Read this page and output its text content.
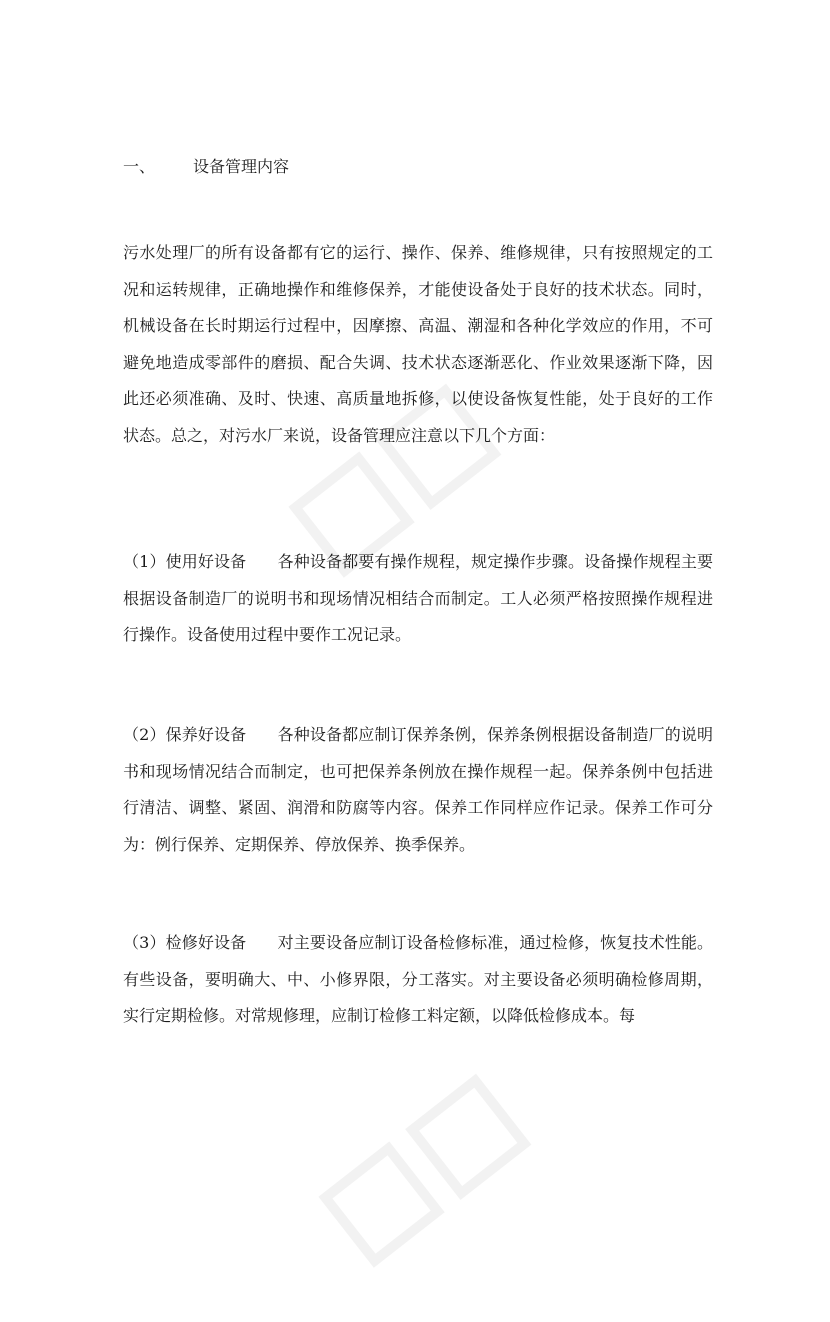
一、 设备管理内容
污水处理厂的所有设备都有它的运行、操作、保养、维修规律，只有按照规定的工况和运转规律，正确地操作和维修保养，才能使设备处于良好的技术状态。同时，机械设备在长时期运行过程中，因摩擦、高温、潮湿和各种化学效应的作用，不可避免地造成零部件的磨损、配合失调、技术状态逐渐恶化、作业效果逐渐下降，因此还必须准确、及时、快速、高质量地拆修，以使设备恢复性能，处于良好的工作状态。总之，对污水厂来说，设备管理应注意以下几个方面：
（1）使用好设备 各种设备都要有操作规程，规定操作步骤。设备操作规程主要根据设备制造厂的说明书和现场情况相结合而制定。工人必须严格按照操作规程进行操作。设备使用过程中要作工况记录。
（2）保养好设备 各种设备都应制订保养条例，保养条例根据设备制造厂的说明书和现场情况结合而制定，也可把保养条例放在操作规程一起。保养条例中包括进行清洁、调整、紧固、润滑和防腐等内容。保养工作同样应作记录。保养工作可分为：例行保养、定期保养、停放保养、换季保养。
（3）检修好设备 对主要设备应制订设备检修标准，通过检修，恢复技术性能。有些设备，要明确大、中、小修界限，分工落实。对主要设备必须明确检修周期，实行定期检修。对常规修理，应制订检修工料定额，以降低检修成本。每
